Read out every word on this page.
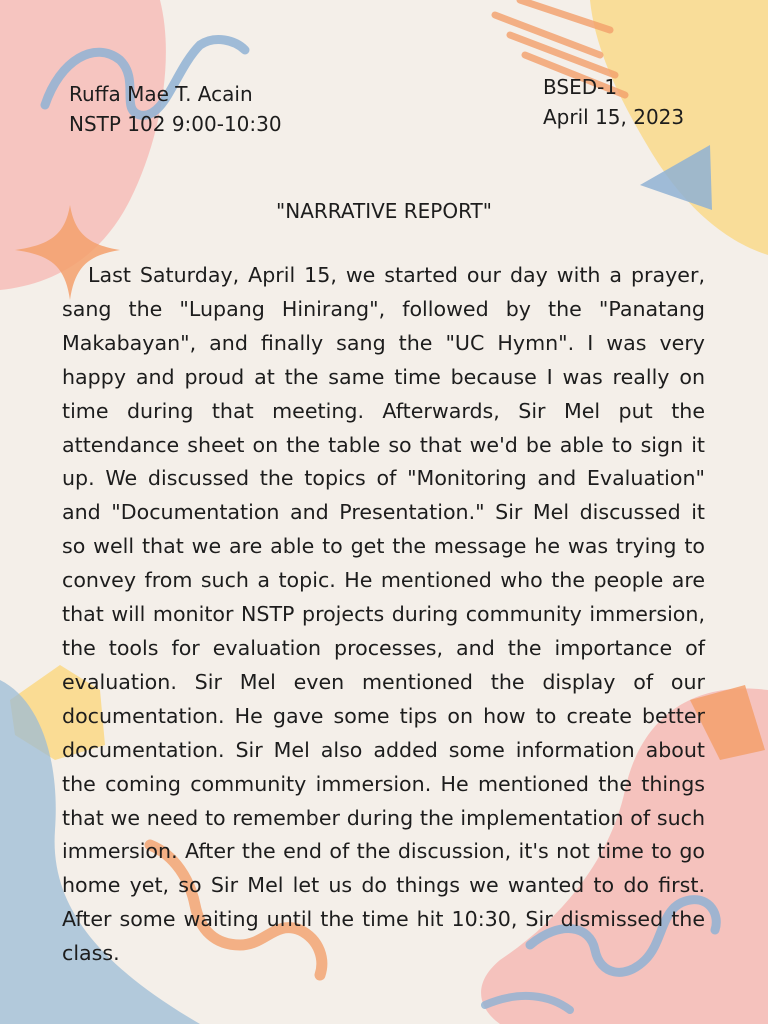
Ruffa Mae T. Acain
NSTP 102 9:00-10:30
BSED-1
April 15, 2023
"NARRATIVE REPORT"

Last Saturday, April 15, we started our day with a prayer, sang the "Lupang Hinirang", followed by the "Panatang Makabayan", and finally sang the "UC Hymn". I was very happy and proud at the same time because I was really on time during that meeting. Afterwards, Sir Mel put the attendance sheet on the table so that we'd be able to sign it up. We discussed the topics of "Monitoring and Evaluation" and "Documentation and Presentation." Sir Mel discussed it so well that we are able to get the message he was trying to convey from such a topic. He mentioned who the people are that will monitor NSTP projects during community immersion, the tools for evaluation processes, and the importance of evaluation. Sir Mel even mentioned the display of our documentation. He gave some tips on how to create better documentation. Sir Mel also added some information about the coming community immersion. He mentioned the things that we need to remember during the implementation of such immersion. After the end of the discussion, it's not time to go home yet, so Sir Mel let us do things we wanted to do first. After some waiting until the time hit 10:30, Sir dismissed the class.
